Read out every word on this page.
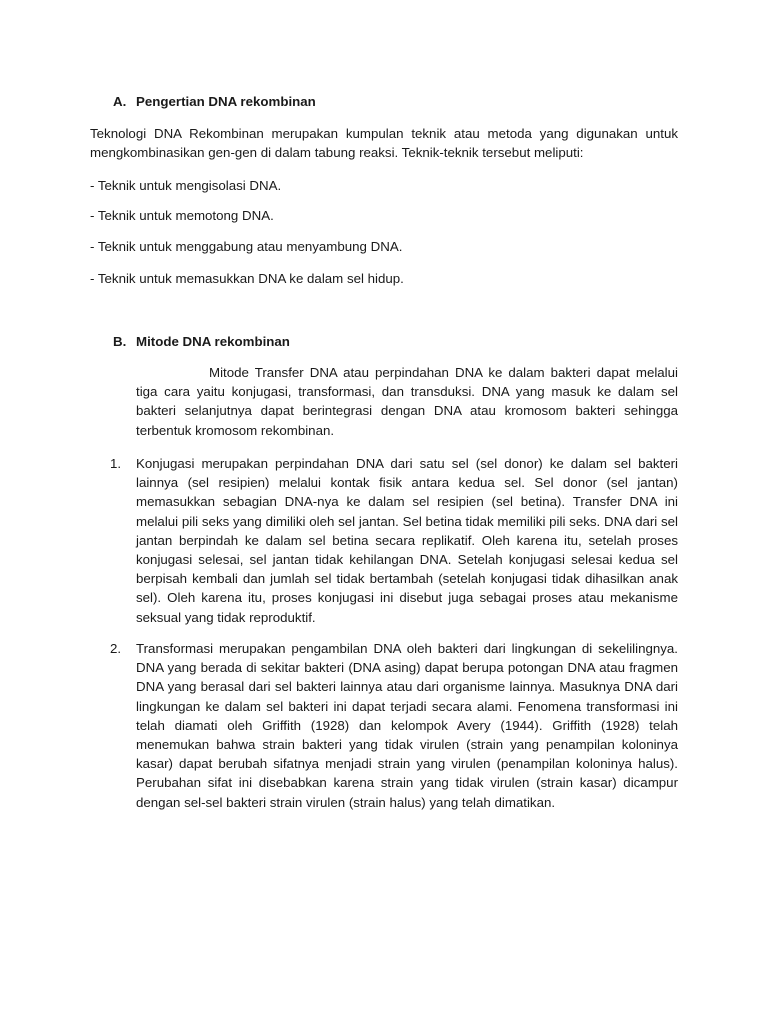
A. Pengertian DNA rekombinan

Teknologi DNA Rekombinan merupakan kumpulan teknik atau metoda yang digunakan untuk mengkombinasikan gen-gen di dalam tabung reaksi. Teknik-teknik tersebut meliputi:

- Teknik untuk mengisolasi DNA.
- Teknik untuk memotong DNA.
- Teknik untuk menggabung atau menyambung DNA.
- Teknik untuk memasukkan DNA ke dalam sel hidup.
B. Mitode DNA rekombinan

Mitode Transfer DNA atau perpindahan DNA ke dalam bakteri dapat melalui tiga cara yaitu konjugasi, transformasi, dan transduksi. DNA yang masuk ke dalam sel bakteri selanjutnya dapat berintegrasi dengan DNA atau kromosom bakteri sehingga terbentuk kromosom rekombinan.

1. Konjugasi merupakan perpindahan DNA dari satu sel (sel donor) ke dalam sel bakteri lainnya (sel resipien) melalui kontak fisik antara kedua sel. Sel donor (sel jantan) memasukkan sebagian DNA-nya ke dalam sel resipien (sel betina). Transfer DNA ini melalui pili seks yang dimiliki oleh sel jantan. Sel betina tidak memiliki pili seks. DNA dari sel jantan berpindah ke dalam sel betina secara replikatif. Oleh karena itu, setelah proses konjugasi selesai, sel jantan tidak kehilangan DNA. Setelah konjugasi selesai kedua sel berpisah kembali dan jumlah sel tidak bertambah (setelah konjugasi tidak dihasilkan anak sel). Oleh karena itu, proses konjugasi ini disebut juga sebagai proses atau mekanisme seksual yang tidak reproduktif.
2. Transformasi merupakan pengambilan DNA oleh bakteri dari lingkungan di sekelilingnya. DNA yang berada di sekitar bakteri (DNA asing) dapat berupa potongan DNA atau fragmen DNA yang berasal dari sel bakteri lainnya atau dari organisme lainnya. Masuknya DNA dari lingkungan ke dalam sel bakteri ini dapat terjadi secara alami. Fenomena transformasi ini telah diamati oleh Griffith (1928) dan kelompok Avery (1944). Griffith (1928) telah menemukan bahwa strain bakteri yang tidak virulen (strain yang penampilan koloninya kasar) dapat berubah sifatnya menjadi strain yang virulen (penampilan koloninya halus). Perubahan sifat ini disebabkan karena strain yang tidak virulen (strain kasar) dicampur dengan sel-sel bakteri strain virulen (strain halus) yang telah dimatikan.
